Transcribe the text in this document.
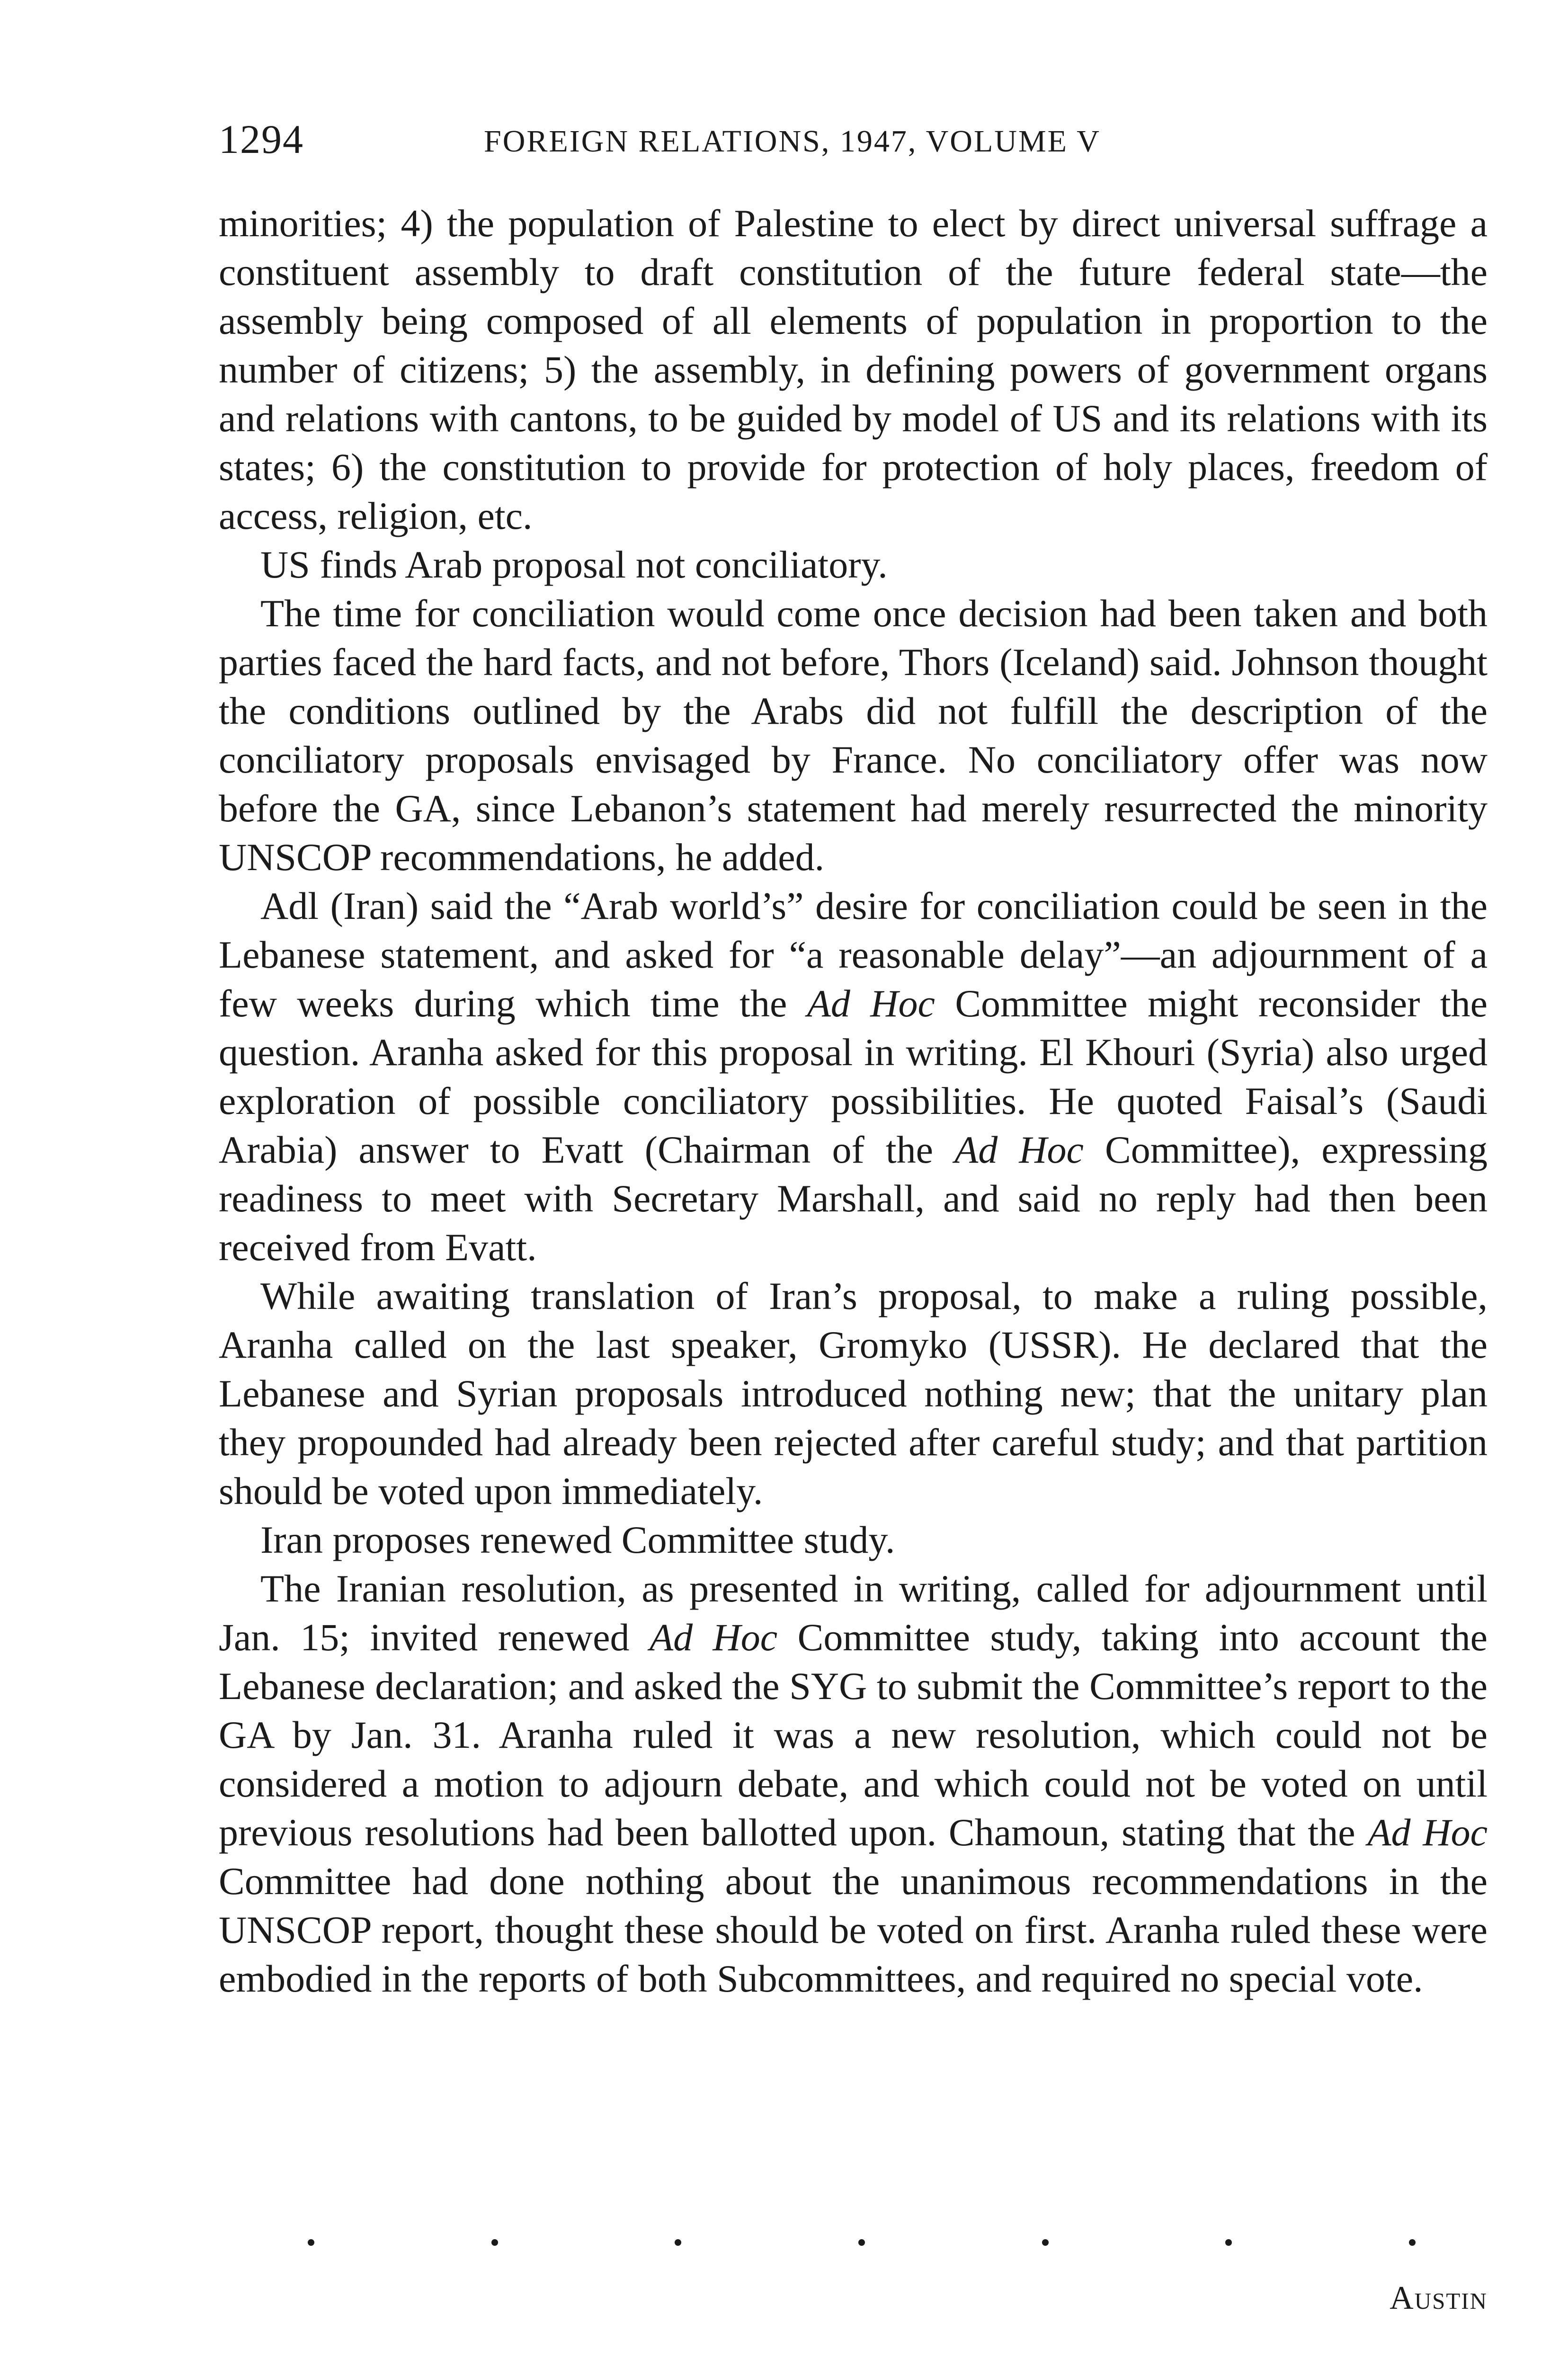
1294	FOREIGN RELATIONS, 1947, VOLUME V

minorities; 4) the population of Palestine to elect by direct universal suffrage a constituent assembly to draft constitution of the future federal state—the assembly being composed of all elements of population in proportion to the number of citizens; 5) the assembly, in defining powers of government organs and relations with cantons, to be guided by model of US and its relations with its states; 6) the constitution to provide for protection of holy places, freedom of access, religion, etc.

US finds Arab proposal not conciliatory.

The time for conciliation would come once decision had been taken and both parties faced the hard facts, and not before, Thors (Iceland) said. Johnson thought the conditions outlined by the Arabs did not fulfill the description of the conciliatory proposals envisaged by France. No conciliatory offer was now before the GA, since Lebanon’s statement had merely resurrected the minority UNSCOP recommendations, he added.

Adl (Iran) said the “Arab world’s” desire for conciliation could be seen in the Lebanese statement, and asked for “a reasonable delay”—an adjournment of a few weeks during which time the Ad Hoc Committee might reconsider the question. Aranha asked for this proposal in writing. El Khouri (Syria) also urged exploration of possible conciliatory possibilities. He quoted Faisal’s (Saudi Arabia) answer to Evatt (Chairman of the Ad Hoc Committee), expressing readiness to meet with Secretary Marshall, and said no reply had then been received from Evatt.

While awaiting translation of Iran’s proposal, to make a ruling possible, Aranha called on the last speaker, Gromyko (USSR). He declared that the Lebanese and Syrian proposals introduced nothing new; that the unitary plan they propounded had already been rejected after careful study; and that partition should be voted upon immediately.

Iran proposes renewed Committee study.

The Iranian resolution, as presented in writing, called for adjournment until Jan. 15; invited renewed Ad Hoc Committee study, taking into account the Lebanese declaration; and asked the SYG to submit the Committee’s report to the GA by Jan. 31. Aranha ruled it was a new resolution, which could not be considered a motion to adjourn debate, and which could not be voted on until previous resolutions had been ballotted upon. Chamoun, stating that the Ad Hoc Committee had done nothing about the unanimous recommendations in the UNSCOP report, thought these should be voted on first. Aranha ruled these were embodied in the reports of both Subcommittees, and required no special vote.

Austin
